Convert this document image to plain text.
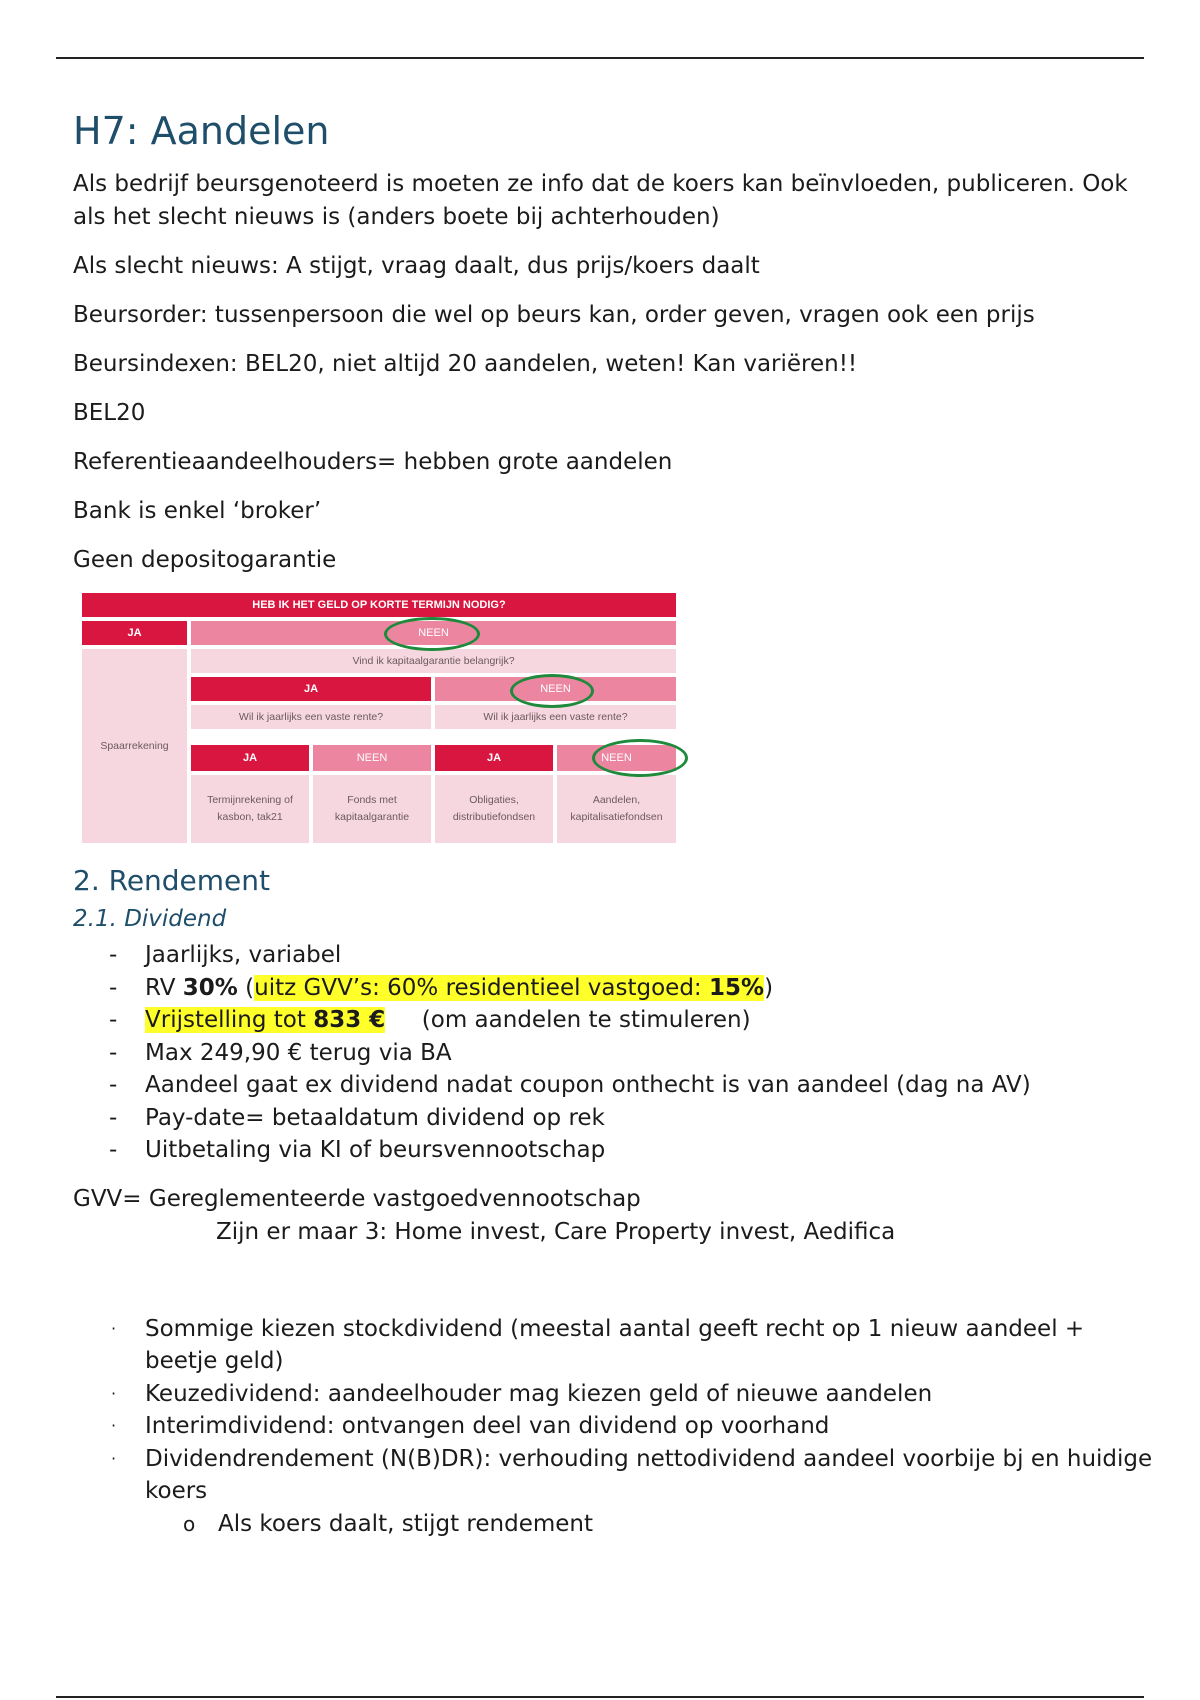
H7: Aandelen

Als bedrijf beursgenoteerd is moeten ze info dat de koers kan beïnvloeden, publiceren. Ook als het slecht nieuws is (anders boete bij achterhouden)

Als slecht nieuws: A stijgt, vraag daalt, dus prijs/koers daalt

Beursorder: tussenpersoon die wel op beurs kan, order geven, vragen ook een prijs

Beursindexen: BEL20, niet altijd 20 aandelen, weten! Kan variëren!!

BEL20

Referentieaandeelhouders= hebben grote aandelen

Bank is enkel ‘broker’

Geen depositogarantie

HEB IK HET GELD OP KORTE TERMIJN NODIG?
JA	NEEN
Spaarrekening
Vind ik kapitaalgarantie belangrijk?
JA	NEEN
Wil ik jaarlijks een vaste rente?	Wil ik jaarlijks een vaste rente?
JA	NEEN	JA	NEEN
Termijnrekening of kasbon, tak21
Fonds met kapitaalgarantie
Obligaties, distributiefondsen
Aandelen, kapitalisatiefondsen
2. Rendement
2.1. Dividend
- Jaarlijks, variabel
- RV 30% (uitz GVV’s: 60% residentieel vastgoed: 15%)
- Vrijstelling tot 833 €     (om aandelen te stimuleren)
- Max 249,90 € terug via BA
- Aandeel gaat ex dividend nadat coupon onthecht is van aandeel (dag na AV)
- Pay-date= betaaldatum dividend op rek
- Uitbetaling via KI of beursvennootschap

GVV= Gereglementeerde vastgoedvennootschap

Zijn er maar 3: Home invest, Care Property invest, Aedifica

· Sommige kiezen stockdividend (meestal aantal geeft recht op 1 nieuw aandeel + beetje geld)
· Keuzedividend: aandeelhouder mag kiezen geld of nieuwe aandelen
· Interimdividend: ontvangen deel van dividend op voorhand
· Dividendrendement (N(B)DR): verhouding nettodividend aandeel voorbije bj en huidige koers
o Als koers daalt, stijgt rendement
